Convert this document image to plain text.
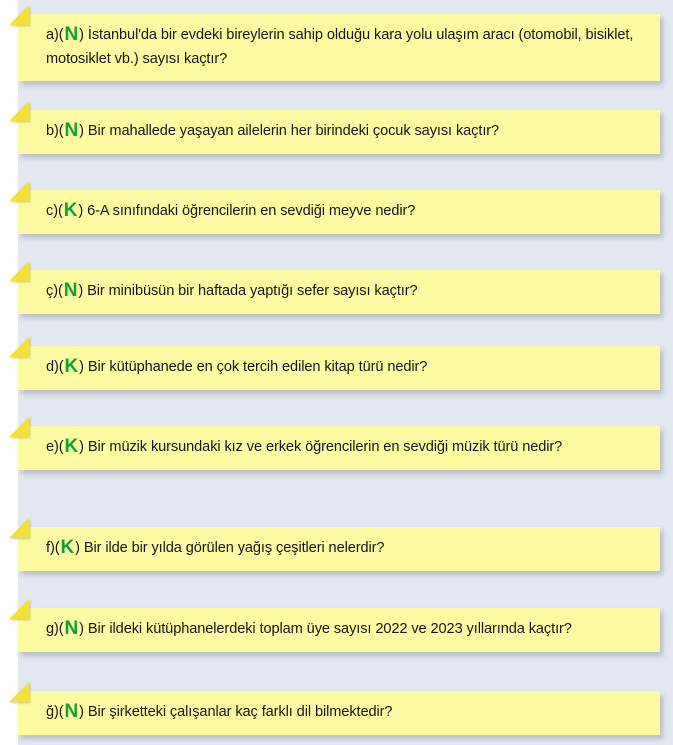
a)(N) İstanbul'da bir evdeki bireylerin sahip olduğu kara yolu ulaşım aracı (otomobil, bisiklet, motosiklet vb.) sayısı kaçtır?
b)(N) Bir mahallede yaşayan ailelerin her birindeki çocuk sayısı kaçtır?
c)(K) 6-A sınıfındaki öğrencilerin en sevdiği meyve nedir?
ç)(N) Bir minibüsün bir haftada yaptığı sefer sayısı kaçtır?
d)(K) Bir kütüphanede en çok tercih edilen kitap türü nedir?
e)(K) Bir müzik kursundaki kız ve erkek öğrencilerin en sevdiği müzik türü nedir?
f)(K) Bir ilde bir yılda görülen yağış çeşitleri nelerdir?
g)(N) Bir ildeki kütüphanelerdeki toplam üye sayısı 2022 ve 2023 yıllarında kaçtır?
ğ)(N) Bir şirketteki çalışanlar kaç farklı dil bilmektedir?
